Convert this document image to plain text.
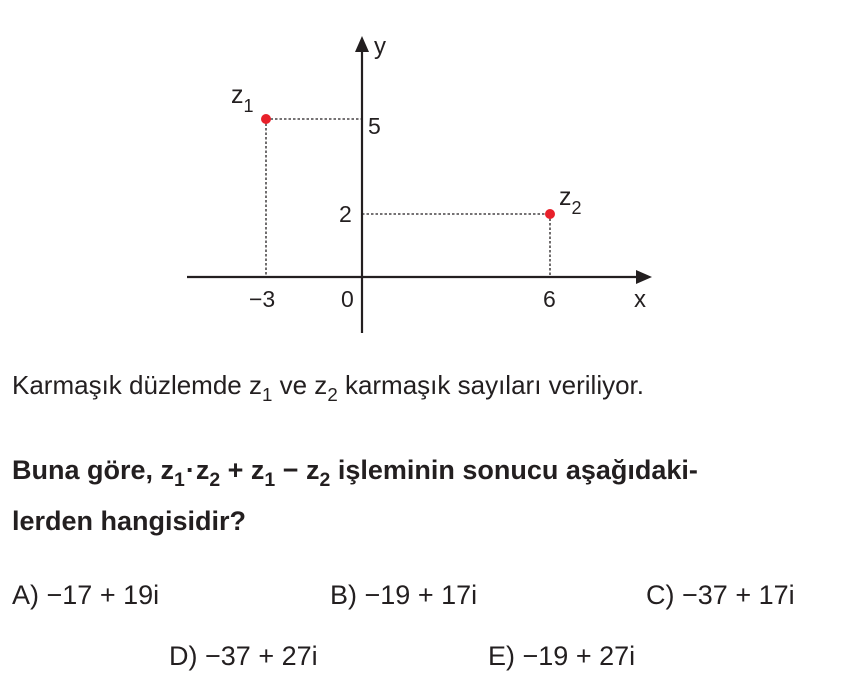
x
y
0
−3
5
6
2
$z_1$
$z_2$
Karmaşık düzlemde $z_1$ ve $z_2$ karmaşık sayıları veriliyor.
Buna göre, $z_1\cdot z_2 + z_1 - z_2$ işleminin sonucu aşağıdaki-
lerden hangisidir?
A) −17 + 19i	B) −19 + 17i	C) −37 + 17i
D) −37 + 27i	E) −19 + 27i
